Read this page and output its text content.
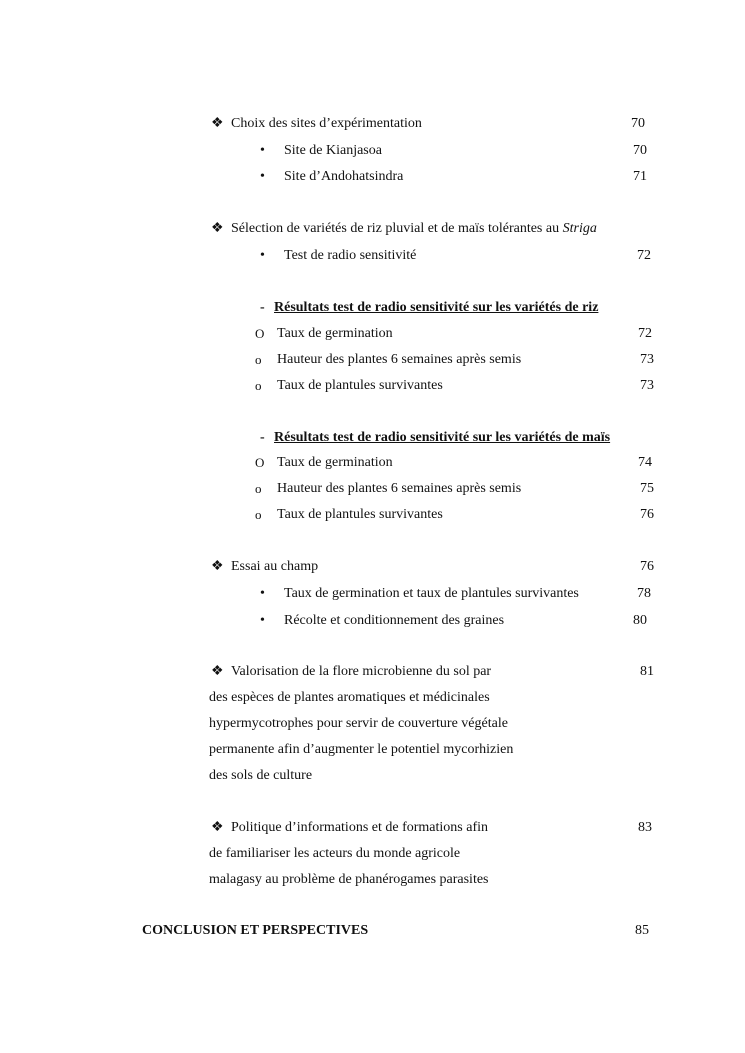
❖ Choix des sites d’expérimentation	70
• Site de Kianjasoa	70
• Site d’Andohatsindra	71
❖ Sélection de variétés de riz pluvial et de maïs tolérantes au Striga
• Test de radio sensitivité	72
- Résultats test de radio sensitivité sur les variétés de riz
O Taux de germination	72
o Hauteur des plantes 6 semaines après semis	73
o Taux de plantules survivantes	73
- Résultats test de radio sensitivité sur les variétés de maïs
O Taux de germination	74
o Hauteur des plantes 6 semaines après semis	75
o Taux de plantules survivantes	76
❖ Essai au champ	76
• Taux de germination et taux de plantules survivantes	78
• Récolte et conditionnement des graines	80
❖ Valorisation de la flore microbienne du sol par	81
des espèces de plantes aromatiques et médicinales
hypermycotrophes pour servir de couverture végétale
permanente afin d’augmenter le potentiel mycorhizien
des sols de culture
❖ Politique d’informations et de formations afin	83
de familiariser les acteurs du monde agricole
malagasy au problème de phanérogames parasites
CONCLUSION ET PERSPECTIVES	85
